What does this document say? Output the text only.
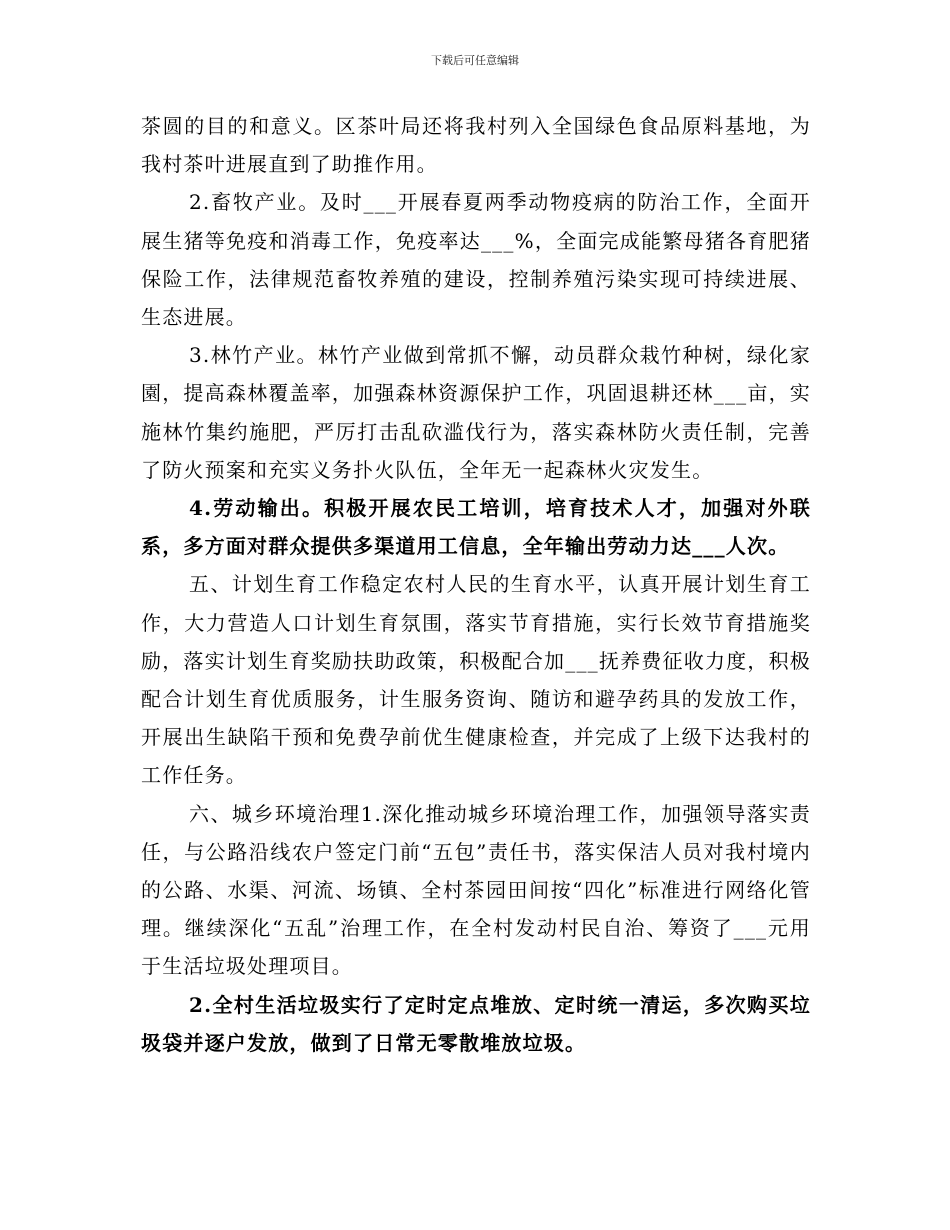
下载后可任意编辑

茶圆的目的和意义。区茶叶局还将我村列入全国绿色食品原料基地，为我村茶叶进展直到了助推作用。

2.畜牧产业。及时___开展春夏两季动物疫病的防治工作，全面开展生猪等免疫和消毒工作，免疫率达___%，全面完成能繁母猪各育肥猪保险工作，法律规范畜牧养殖的建设，控制养殖污染实现可持续进展、生态进展。

3.林竹产业。林竹产业做到常抓不懈，动员群众栽竹种树，绿化家園，提高森林覆盖率，加强森林资源保护工作，巩固退耕还林___亩，实施林竹集约施肥，严厉打击乱砍滥伐行为，落实森林防火责任制，完善了防火预案和充实义务扑火队伍，全年无一起森林火灾发生。

4.劳动输出。积极开展农民工培训，培育技术人才，加强对外联系，多方面对群众提供多渠道用工信息，全年输出劳动力达___人次。

五、计划生育工作稳定农村人民的生育水平，认真开展计划生育工作，大力营造人口计划生育氛围，落实节育措施，实行长效节育措施奖励，落实计划生育奖励扶助政策，积极配合加___抚养费征收力度，积极配合计划生育优质服务，计生服务资询、随访和避孕药具的发放工作，开展出生缺陷干预和免费孕前优生健康检查，并完成了上级下达我村的工作任务。

六、城乡环境治理1.深化推动城乡环境治理工作，加强领导落实责任，与公路沿线农户签定门前“五包”责任书，落实保洁人员对我村境内的公路、水渠、河流、场镇、全村茶园田间按“四化”标准进行网络化管理。继续深化“五乱”治理工作，在全村发动村民自治、筹资了___元用于生活垃圾处理项目。

2.全村生活垃圾实行了定时定点堆放、定时统一清运，多次购买垃圾袋并逐户发放，做到了日常无零散堆放垃圾。
